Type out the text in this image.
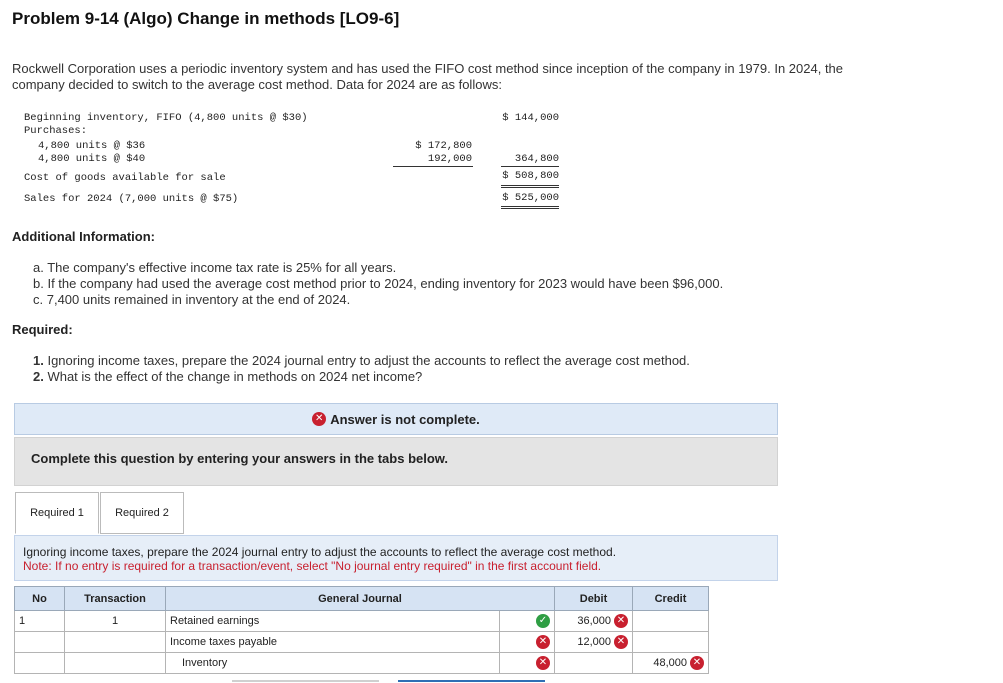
Problem 9-14 (Algo) Change in methods [LO9-6]
Rockwell Corporation uses a periodic inventory system and has used the FIFO cost method since inception of the company in 1979. In 2024, the company decided to switch to the average cost method. Data for 2024 are as follows:
Beginning inventory, FIFO (4,800 units @ $30)	$ 144,000
Purchases:
4,800 units @ $36	$ 172,800
4,800 units @ $40	192,000	364,800
Cost of goods available for sale	$ 508,800
Sales for 2024 (7,000 units @ $75)	$ 525,000
Additional Information:
a. The company's effective income tax rate is 25% for all years.
b. If the company had used the average cost method prior to 2024, ending inventory for 2023 would have been $96,000.
c. 7,400 units remained in inventory at the end of 2024.
Required:
1. Ignoring income taxes, prepare the 2024 journal entry to adjust the accounts to reflect the average cost method.
2. What is the effect of the change in methods on 2024 net income?
✕ Answer is not complete.
Complete this question by entering your answers in the tabs below.
Required 1	Required 2
Ignoring income taxes, prepare the 2024 journal entry to adjust the accounts to reflect the average cost method.
Note: If no entry is required for a transaction/event, select "No journal entry required" in the first account field.
No	Transaction	General Journal		Debit	Credit
1	1	Retained earnings	✓	36,000 ✕	

		Income taxes payable	✕	12,000 ✕	

		Inventory	✕		48,000 ✕
